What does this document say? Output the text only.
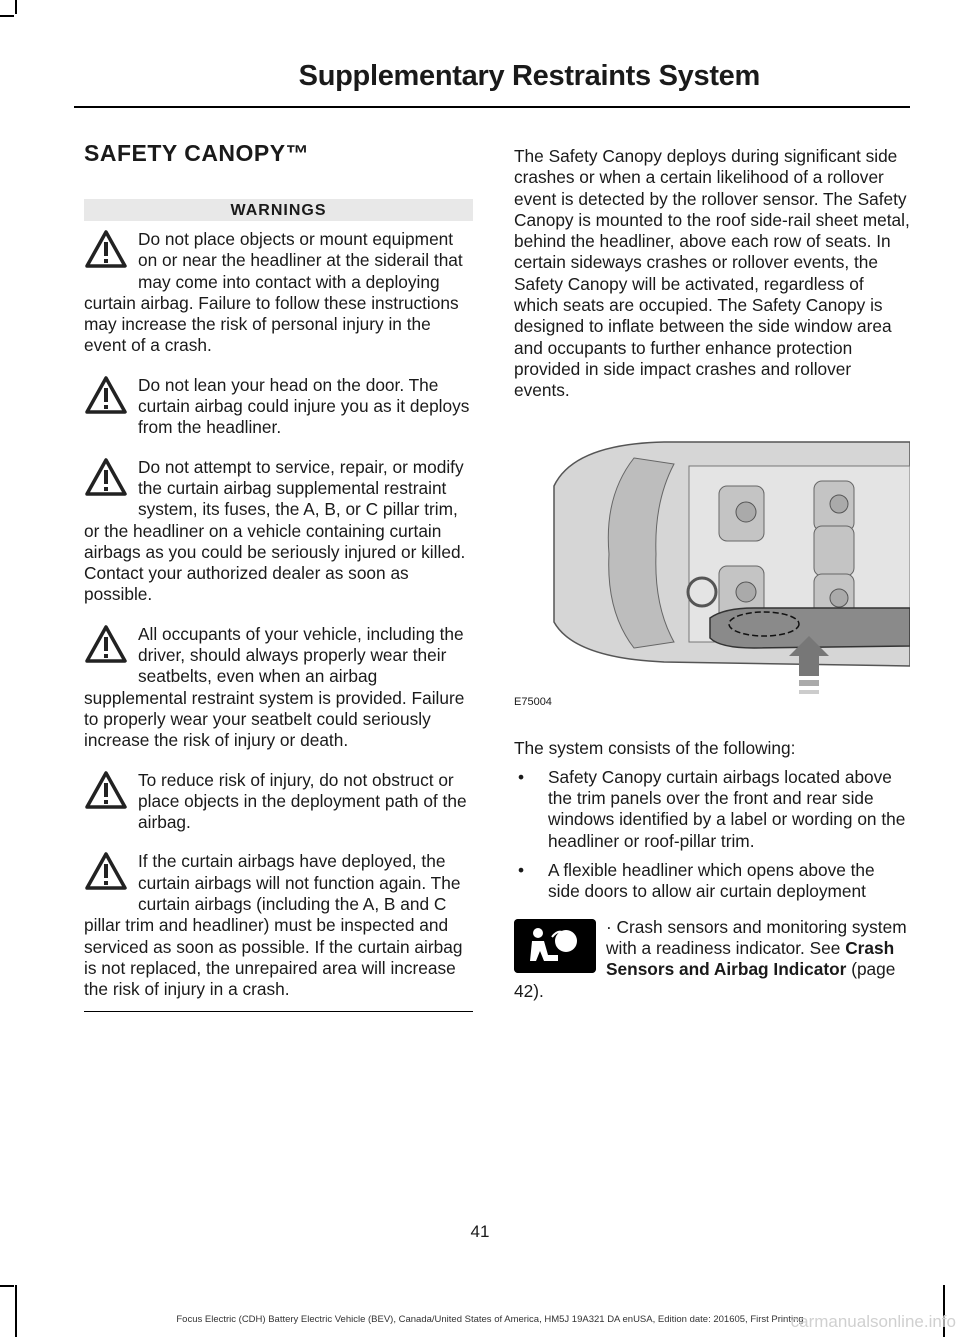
Supplementary Restraints System
SAFETY CANOPY™
WARNINGS
Do not place objects or mount equipment on or near the headliner at the siderail that may come into contact with a deploying curtain airbag. Failure to follow these instructions may increase the risk of personal injury in the event of a crash.
Do not lean your head on the door. The curtain airbag could injure you as it deploys from the headliner.
Do not attempt to service, repair, or modify the curtain airbag supplemental restraint system, its fuses, the A, B, or C pillar trim, or the headliner on a vehicle containing curtain airbags as you could be seriously injured or killed. Contact your authorized dealer as soon as possible.
All occupants of your vehicle, including the driver, should always properly wear their seatbelts, even when an airbag supplemental restraint system is provided. Failure to properly wear your seatbelt could seriously increase the risk of injury or death.
To reduce risk of injury, do not obstruct or place objects in the deployment path of the airbag.
If the curtain airbags have deployed, the curtain airbags will not function again. The curtain airbags (including the A, B and C pillar trim and headliner) must be inspected and serviced as soon as possible. If the curtain airbag is not replaced, the unrepaired area will increase the risk of injury in a crash.

The Safety Canopy deploys during significant side crashes or when a certain likelihood of a rollover event is detected by the rollover sensor. The Safety Canopy is mounted to the roof side-rail sheet metal, behind the headliner, above each row of seats. In certain sideways crashes or rollover events, the Safety Canopy will be activated, regardless of which seats are occupied. The Safety Canopy is designed to inflate between the side window area and occupants to further enhance protection provided in side impact crashes and rollover events.

E75004

The system consists of the following:

• Safety Canopy curtain airbags located above the trim panels over the front and rear side windows identified by a label or wording on the headliner or roof-pillar trim.
• A flexible headliner which opens above the side doors to allow air curtain deployment
· Crash sensors and monitoring system with a readiness indicator. See Crash Sensors and Airbag Indicator (page 42).
41
Focus Electric (CDH) Battery Electric Vehicle (BEV), Canada/United States of America, HM5J 19A321 DA enUSA, Edition date: 201605, First Printing
carmanualsonline.info
